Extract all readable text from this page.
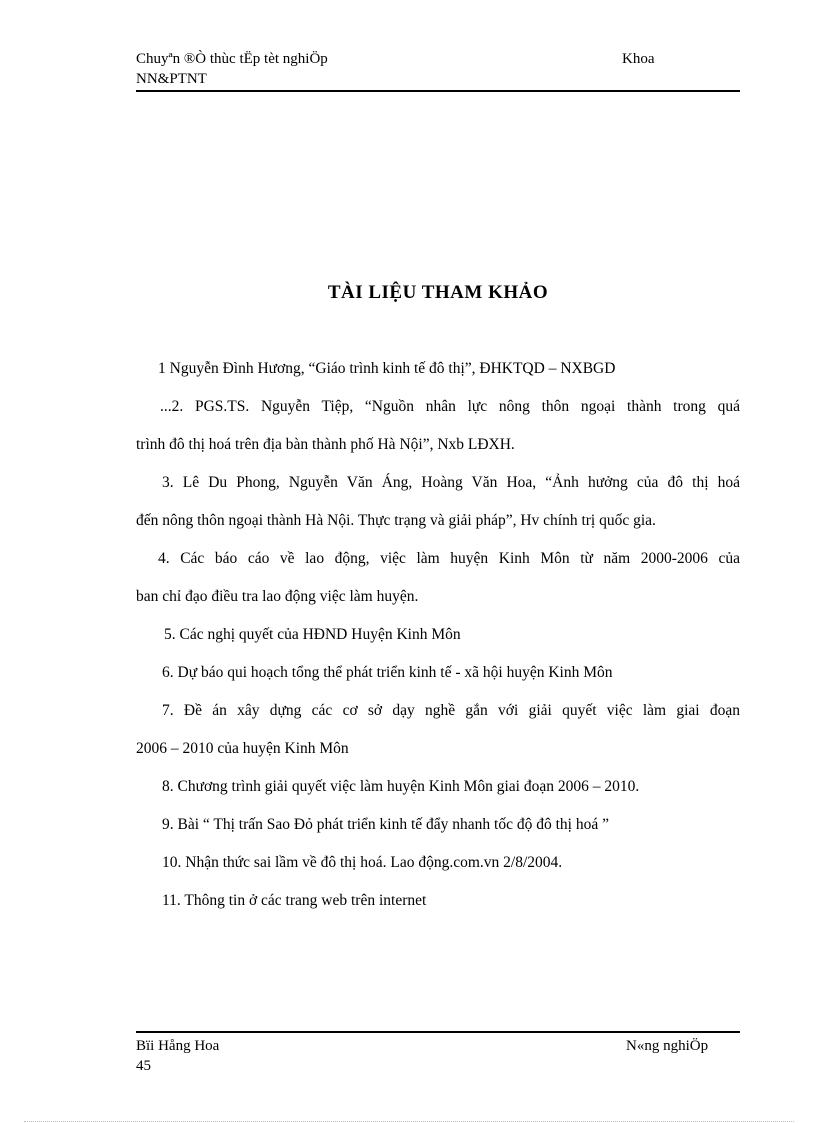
Chuyªn ®Ò thùc tËp tèt nghiÖp	Khoa
NN&PTNT
TÀI LIỆU THAM KHẢO
1 Nguyễn Đình Hương, “Giáo trình kinh tế đô thị”, ĐHKTQD – NXBGD
...2. PGS.TS. Nguyễn Tiệp, “Nguồn nhân lực nông thôn ngoại thành trong quá
trình đô thị hoá trên địa bàn thành phố Hà Nội”, Nxb LĐXH.
3. Lê Du Phong, Nguyễn Văn Áng, Hoàng Văn Hoa, “Ảnh hưởng của đô thị hoá
đến nông thôn ngoại thành Hà Nội. Thực trạng và giải pháp”, Hv chính trị quốc gia.
4. Các báo cáo về lao động, việc làm huyện Kinh Môn từ năm 2000-2006 của
ban chỉ đạo điều tra lao động việc làm huyện.
5. Các nghị quyết của HĐND Huyện Kinh Môn
6. Dự báo qui hoạch tổng thể phát triển kinh tế - xã hội huyện Kinh Môn
7. Đề án xây dựng các cơ sở dạy nghề gắn với giải quyết việc làm giai đoạn
2006 – 2010 của huyện Kinh Môn
8. Chương trình giải quyết việc làm huyện Kinh Môn giai đoạn 2006 – 2010.
9. Bài “ Thị trấn Sao Đỏ phát triển kinh tế đẩy nhanh tốc độ đô thị hoá ”
10. Nhận thức sai lầm về đô thị hoá. Lao động.com.vn 2/8/2004.
11. Thông tin ở các trang web trên internet
Bïi Hång Hoa	N«ng nghiÖp
45
